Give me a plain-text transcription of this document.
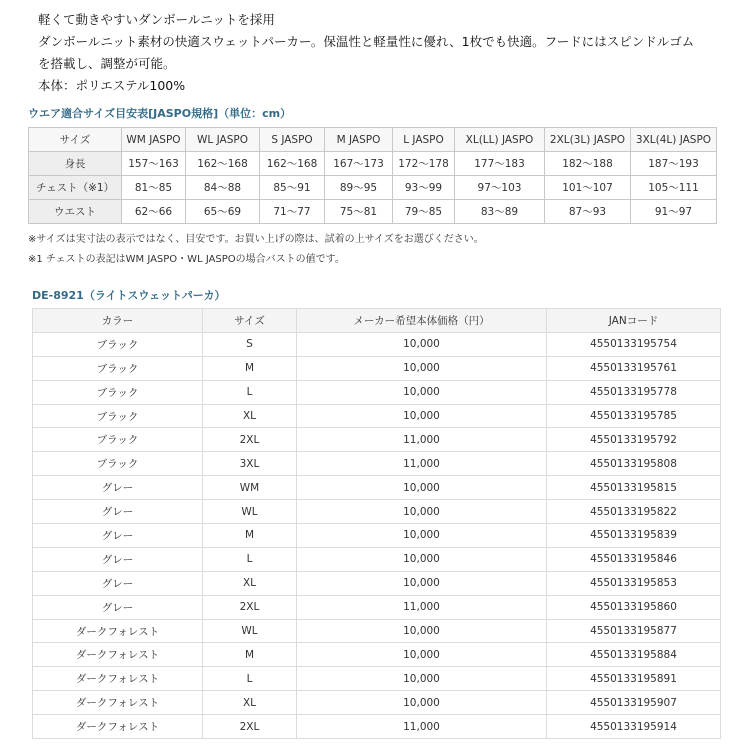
軽くて動きやすいダンボールニットを採用
ダンボールニット素材の快適スウェットパーカー。保温性と軽量性に優れ、1枚でも快適。フードにはスピンドルゴム
を搭載し、調整が可能。
本体：ポリエステル100%
ウエア適合サイズ目安表[JASPO規格]（単位：cm）
サイズ	WM JASPO	WL JASPO	S JASPO	M JASPO	L JASPO	XL(LL) JASPO	2XL(3L) JASPO	3XL(4L) JASPO
身長	157〜163	162〜168	162〜168	167〜173	172〜178	177〜183	182〜188	187〜193
チェスト（※1）	81〜85	84〜88	85〜91	89〜95	93〜99	97〜103	101〜107	105〜111
ウエスト	62〜66	65〜69	71〜77	75〜81	79〜85	83〜89	87〜93	91〜97
※サイズは実寸法の表示ではなく、目安です。お買い上げの際は、試着の上サイズをお選びください。
※1 チェストの表記はWM JASPO・WL JASPOの場合バストの値です。
DE-8921（ライトスウェットパーカ）
カラー	サイズ	メーカー希望本体価格（円）	JANコード
ブラック	S	10,000	4550133195754
ブラック	M	10,000	4550133195761
ブラック	L	10,000	4550133195778
ブラック	XL	10,000	4550133195785
ブラック	2XL	11,000	4550133195792
ブラック	3XL	11,000	4550133195808
グレー	WM	10,000	4550133195815
グレー	WL	10,000	4550133195822
グレー	M	10,000	4550133195839
グレー	L	10,000	4550133195846
グレー	XL	10,000	4550133195853
グレー	2XL	11,000	4550133195860
ダークフォレスト	WL	10,000	4550133195877
ダークフォレスト	M	10,000	4550133195884
ダークフォレスト	L	10,000	4550133195891
ダークフォレスト	XL	10,000	4550133195907
ダークフォレスト	2XL	11,000	4550133195914
